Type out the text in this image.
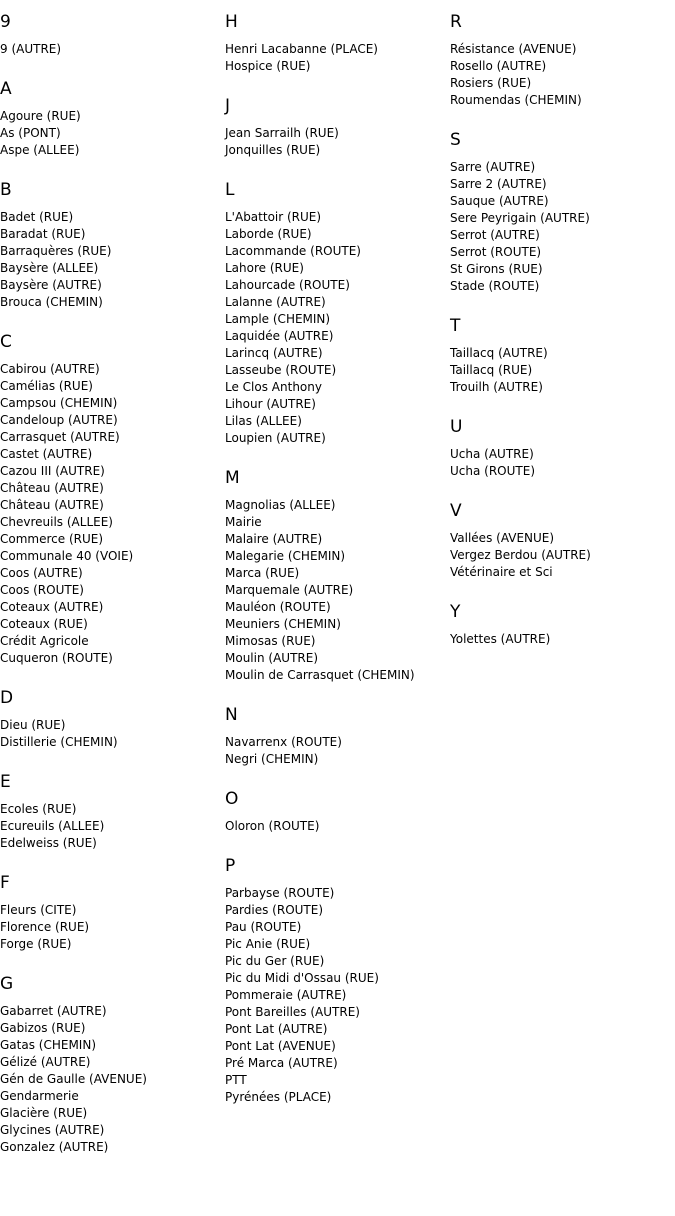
9
9 (AUTRE)
A
Agoure (RUE)
As (PONT)
Aspe (ALLEE)
B
Badet (RUE)
Baradat (RUE)
Barraquères (RUE)
Baysère (ALLEE)
Baysère (AUTRE)
Brouca (CHEMIN)
C
Cabirou (AUTRE)
Camélias (RUE)
Campsou (CHEMIN)
Candeloup (AUTRE)
Carrasquet (AUTRE)
Castet (AUTRE)
Cazou III (AUTRE)
Château (AUTRE)
Château (AUTRE)
Chevreuils (ALLEE)
Commerce (RUE)
Communale 40 (VOIE)
Coos (AUTRE)
Coos (ROUTE)
Coteaux (AUTRE)
Coteaux (RUE)
Crédit Agricole
Cuqueron (ROUTE)
D
Dieu (RUE)
Distillerie (CHEMIN)
E
Ecoles (RUE)
Ecureuils (ALLEE)
Edelweiss (RUE)
F
Fleurs (CITE)
Florence (RUE)
Forge (RUE)
G
Gabarret (AUTRE)
Gabizos (RUE)
Gatas (CHEMIN)
Gélizé (AUTRE)
Gén de Gaulle (AVENUE)
Gendarmerie
Glacière (RUE)
Glycines (AUTRE)
Gonzalez (AUTRE)
H
Henri Lacabanne (PLACE)
Hospice (RUE)
J
Jean Sarrailh (RUE)
Jonquilles (RUE)
L
L'Abattoir (RUE)
Laborde (RUE)
Lacommande (ROUTE)
Lahore (RUE)
Lahourcade (ROUTE)
Lalanne (AUTRE)
Lample (CHEMIN)
Laquidée (AUTRE)
Larincq (AUTRE)
Lasseube (ROUTE)
Le Clos Anthony
Lihour (AUTRE)
Lilas (ALLEE)
Loupien (AUTRE)
M
Magnolias (ALLEE)
Mairie
Malaire (AUTRE)
Malegarie (CHEMIN)
Marca (RUE)
Marquemale (AUTRE)
Mauléon (ROUTE)
Meuniers (CHEMIN)
Mimosas (RUE)
Moulin (AUTRE)
Moulin de Carrasquet (CHEMIN)
N
Navarrenx (ROUTE)
Negri (CHEMIN)
O
Oloron (ROUTE)
P
Parbayse (ROUTE)
Pardies (ROUTE)
Pau (ROUTE)
Pic Anie (RUE)
Pic du Ger (RUE)
Pic du Midi d'Ossau (RUE)
Pommeraie (AUTRE)
Pont Bareilles (AUTRE)
Pont Lat (AUTRE)
Pont Lat (AVENUE)
Pré Marca (AUTRE)
PTT
Pyrénées (PLACE)
R
Résistance (AVENUE)
Rosello (AUTRE)
Rosiers (RUE)
Roumendas (CHEMIN)
S
Sarre (AUTRE)
Sarre 2 (AUTRE)
Sauque (AUTRE)
Sere Peyrigain (AUTRE)
Serrot (AUTRE)
Serrot (ROUTE)
St Girons (RUE)
Stade (ROUTE)
T
Taillacq (AUTRE)
Taillacq (RUE)
Trouilh (AUTRE)
U
Ucha (AUTRE)
Ucha (ROUTE)
V
Vallées (AVENUE)
Vergez Berdou (AUTRE)
Vétérinaire et Sci
Y
Yolettes (AUTRE)
